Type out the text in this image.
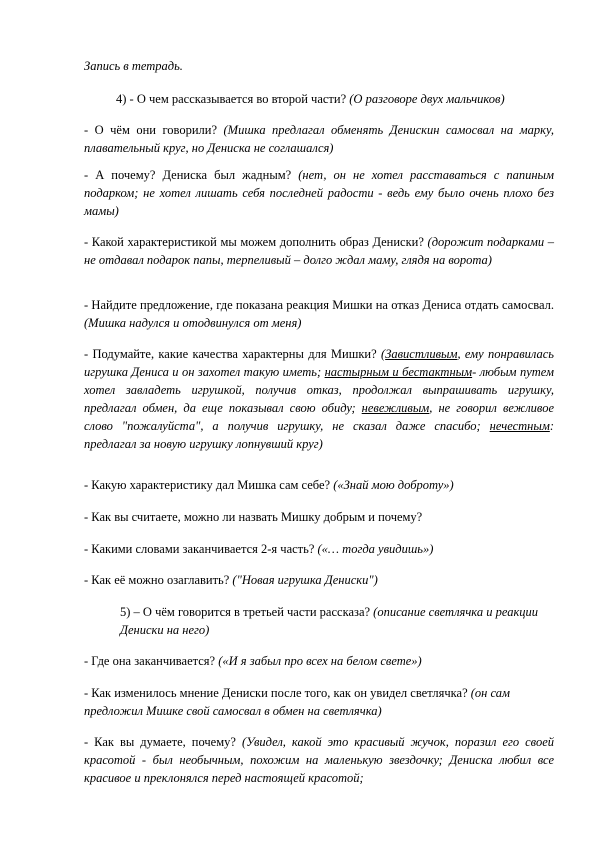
Запись в тетрадь.

4) - О чем рассказывается во второй части? (О разговоре двух мальчиков)

- О чём они говорили? (Мишка предлагал обменять Денискин самосвал на марку, плавательный круг, но Дениска не соглашался)

- А почему? Дениска был жадным? (нет, он не хотел расставаться с папиным подарком; не хотел лишать себя последней радости - ведь ему было очень плохо без мамы)

- Какой характеристикой мы можем дополнить образ Дениски? (дорожит подарками – не отдавал подарок папы, терпеливый – долго ждал маму, глядя на ворота)

- Найдите предложение, где показана реакция Мишки на отказ Дениса отдать самосвал. (Мишка надулся и отодвинулся от меня)

- Подумайте, какие качества характерны для Мишки? (Завистливым, ему понравилась игрушка Дениса и он захотел такую иметь; настырным и бестактным- любым путем хотел завладеть игрушкой, получив отказ, продолжал выпрашивать игрушку, предлагал обмен, да еще показывал свою обиду; невежливым, не говорил вежливое слово "пожалуйста", а получив игрушку, не сказал даже спасибо; нечестным: предлагал за новую игрушку лопнувший круг)

- Какую характеристику дал Мишка сам себе? («Знай мою доброту»)

- Как вы считаете, можно ли назвать Мишку добрым и почему?

- Какими словами заканчивается 2-я часть? («… тогда увидишь»)

- Как её можно озаглавить? ("Новая игрушка Дениски")

5) – О чём говорится в третьей части рассказа? (описание светлячка и реакции Дениски на него)

- Где она заканчивается? («И я забыл про всех на белом свете»)

- Как изменилось мнение Дениски после того, как он увидел светлячка? (он сам предложил Мишке свой самосвал в обмен на светлячка)

- Как вы думаете, почему? (Увидел, какой это красивый жучок, поразил его своей красотой - был необычным, похожим на маленькую звездочку; Дениска любил все красивое и преклонялся перед настоящей красотой;
